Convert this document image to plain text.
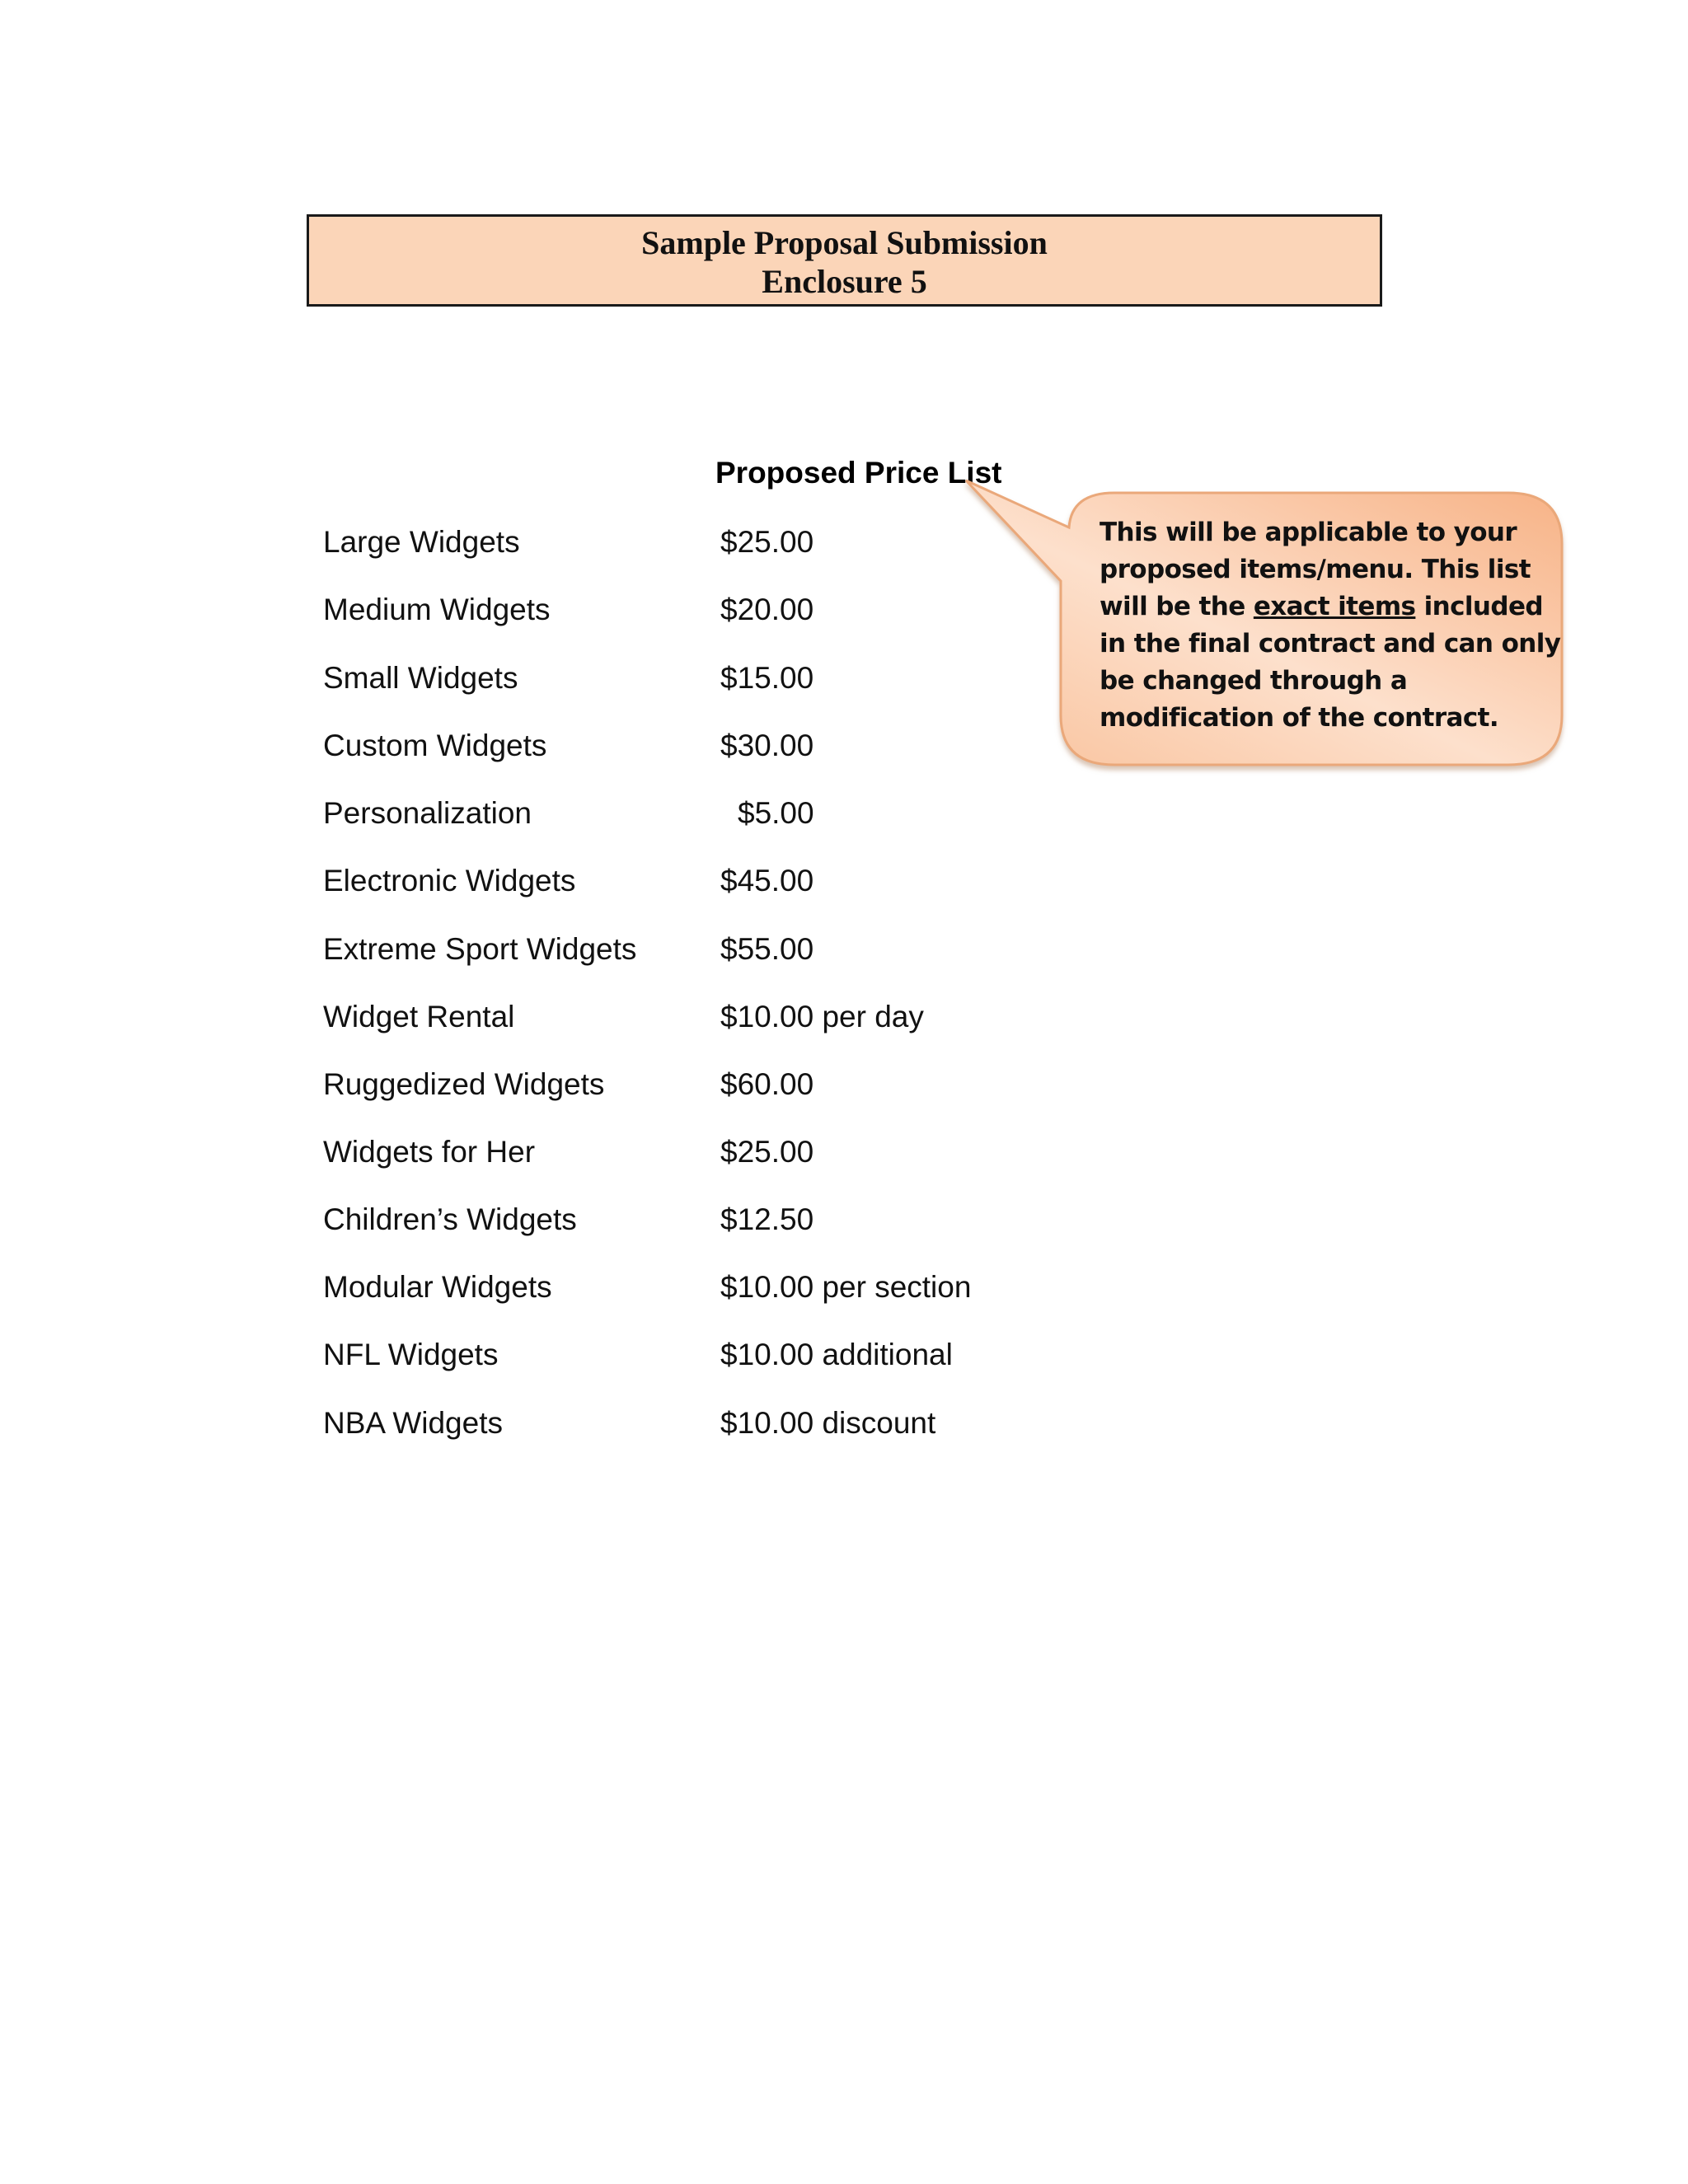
Sample Proposal Submission
Enclosure 5
Proposed Price List
Large Widgets	$25.00
Medium Widgets	$20.00
Small Widgets	$15.00
Custom Widgets	$30.00
Personalization	$5.00
Electronic Widgets	$45.00
Extreme Sport Widgets	$55.00
Widget Rental	$10.00 per day
Ruggedized Widgets	$60.00
Widgets for Her	$25.00
Children’s Widgets	$12.50
Modular Widgets	$10.00 per section
NFL Widgets	$10.00 additional
NBA Widgets	$10.00 discount
This will be applicable to your proposed items/menu. This list will be the exact items included in the final contract and can only be changed through a modification of the contract.
